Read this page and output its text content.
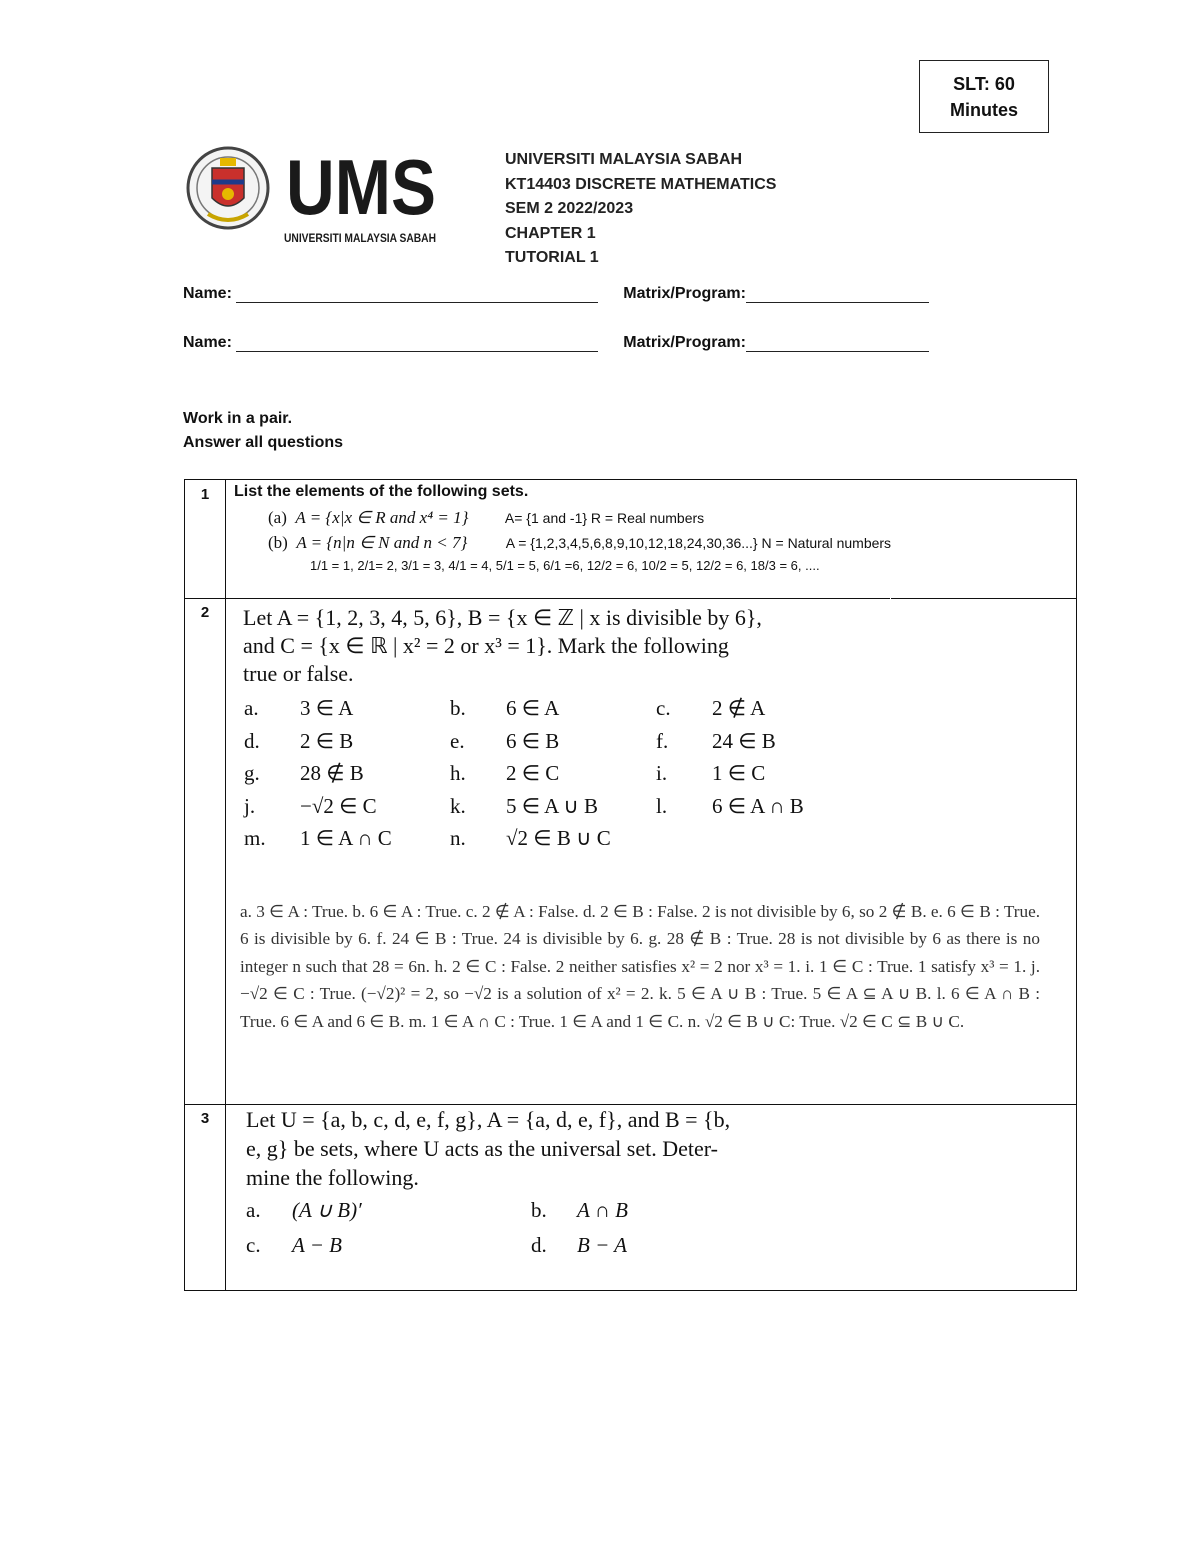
SLT: 60
Minutes
UMS
UNIVERSITI MALAYSIA SABAH
UNIVERSITI MALAYSIA SABAH
KT14403 DISCRETE MATHEMATICS
SEM 2 2022/2023
CHAPTER 1
TUTORIAL 1
Name:	Matrix/Program:
Name:	Matrix/Program:
Work in a pair.
Answer all questions
1
2
3
List the elements of the following sets.
(a) A = {x|x ∈ R and x⁴ = 1}	A= {1 and -1} R = Real numbers
(b) A = {n|n ∈ N and n < 7}	A = {1,2,3,4,5,6,8,9,10,12,18,24,30,36...} N = Natural numbers
1/1 = 1, 2/1= 2, 3/1 = 3, 4/1 = 4, 5/1 = 5, 6/1 =6, 12/2 = 6, 10/2 = 5, 12/2 = 6, 18/3 = 6, ....
Let A = {1, 2, 3, 4, 5, 6}, B = {x ∈ ℤ | x is divisible by 6},
and C = {x ∈ ℝ | x² = 2 or x³ = 1}. Mark the following
true or false.
a.	3 ∈ A	b.	6 ∈ A	c.	2 ∉ A
d.	2 ∈ B	e.	6 ∈ B	f.	24 ∈ B
g.	28 ∉ B	h.	2 ∈ C	i.	1 ∈ C
j.	−√2 ∈ C	k.	5 ∈ A ∪ B	l.	6 ∈ A ∩ B
m.	1 ∈ A ∩ C	n.	√2 ∈ B ∪ C
a. 3 ∈ A : True. b. 6 ∈ A : True. c. 2 ∉ A : False. d. 2 ∈ B : False. 2 is not divisible by 6, so 2 ∉ B. e. 6 ∈ B : True. 6 is divisible by 6. f. 24 ∈ B : True. 24 is divisible by 6. g. 28 ∉ B : True. 28 is not divisible by 6 as there is no integer n such that 28 = 6n. h. 2 ∈ C : False. 2 neither satisfies x² = 2 nor x³ = 1. i. 1 ∈ C : True. 1 satisfy x³ = 1. j. −√2 ∈ C : True. (−√2)² = 2, so −√2 is a solution of x² = 2. k. 5 ∈ A ∪ B : True. 5 ∈ A ⊆ A ∪ B. l. 6 ∈ A ∩ B : True. 6 ∈ A and 6 ∈ B. m. 1 ∈ A ∩ C : True. 1 ∈ A and 1 ∈ C. n. √2 ∈ B ∪ C: True. √2 ∈ C ⊆ B ∪ C.
Let U = {a, b, c, d, e, f, g}, A = {a, d, e, f}, and B = {b,
e, g} be sets, where U acts as the universal set. Deter-
mine the following.
a. (A ∪ B)′	b. A ∩ B
c. A − B	d. B − A
